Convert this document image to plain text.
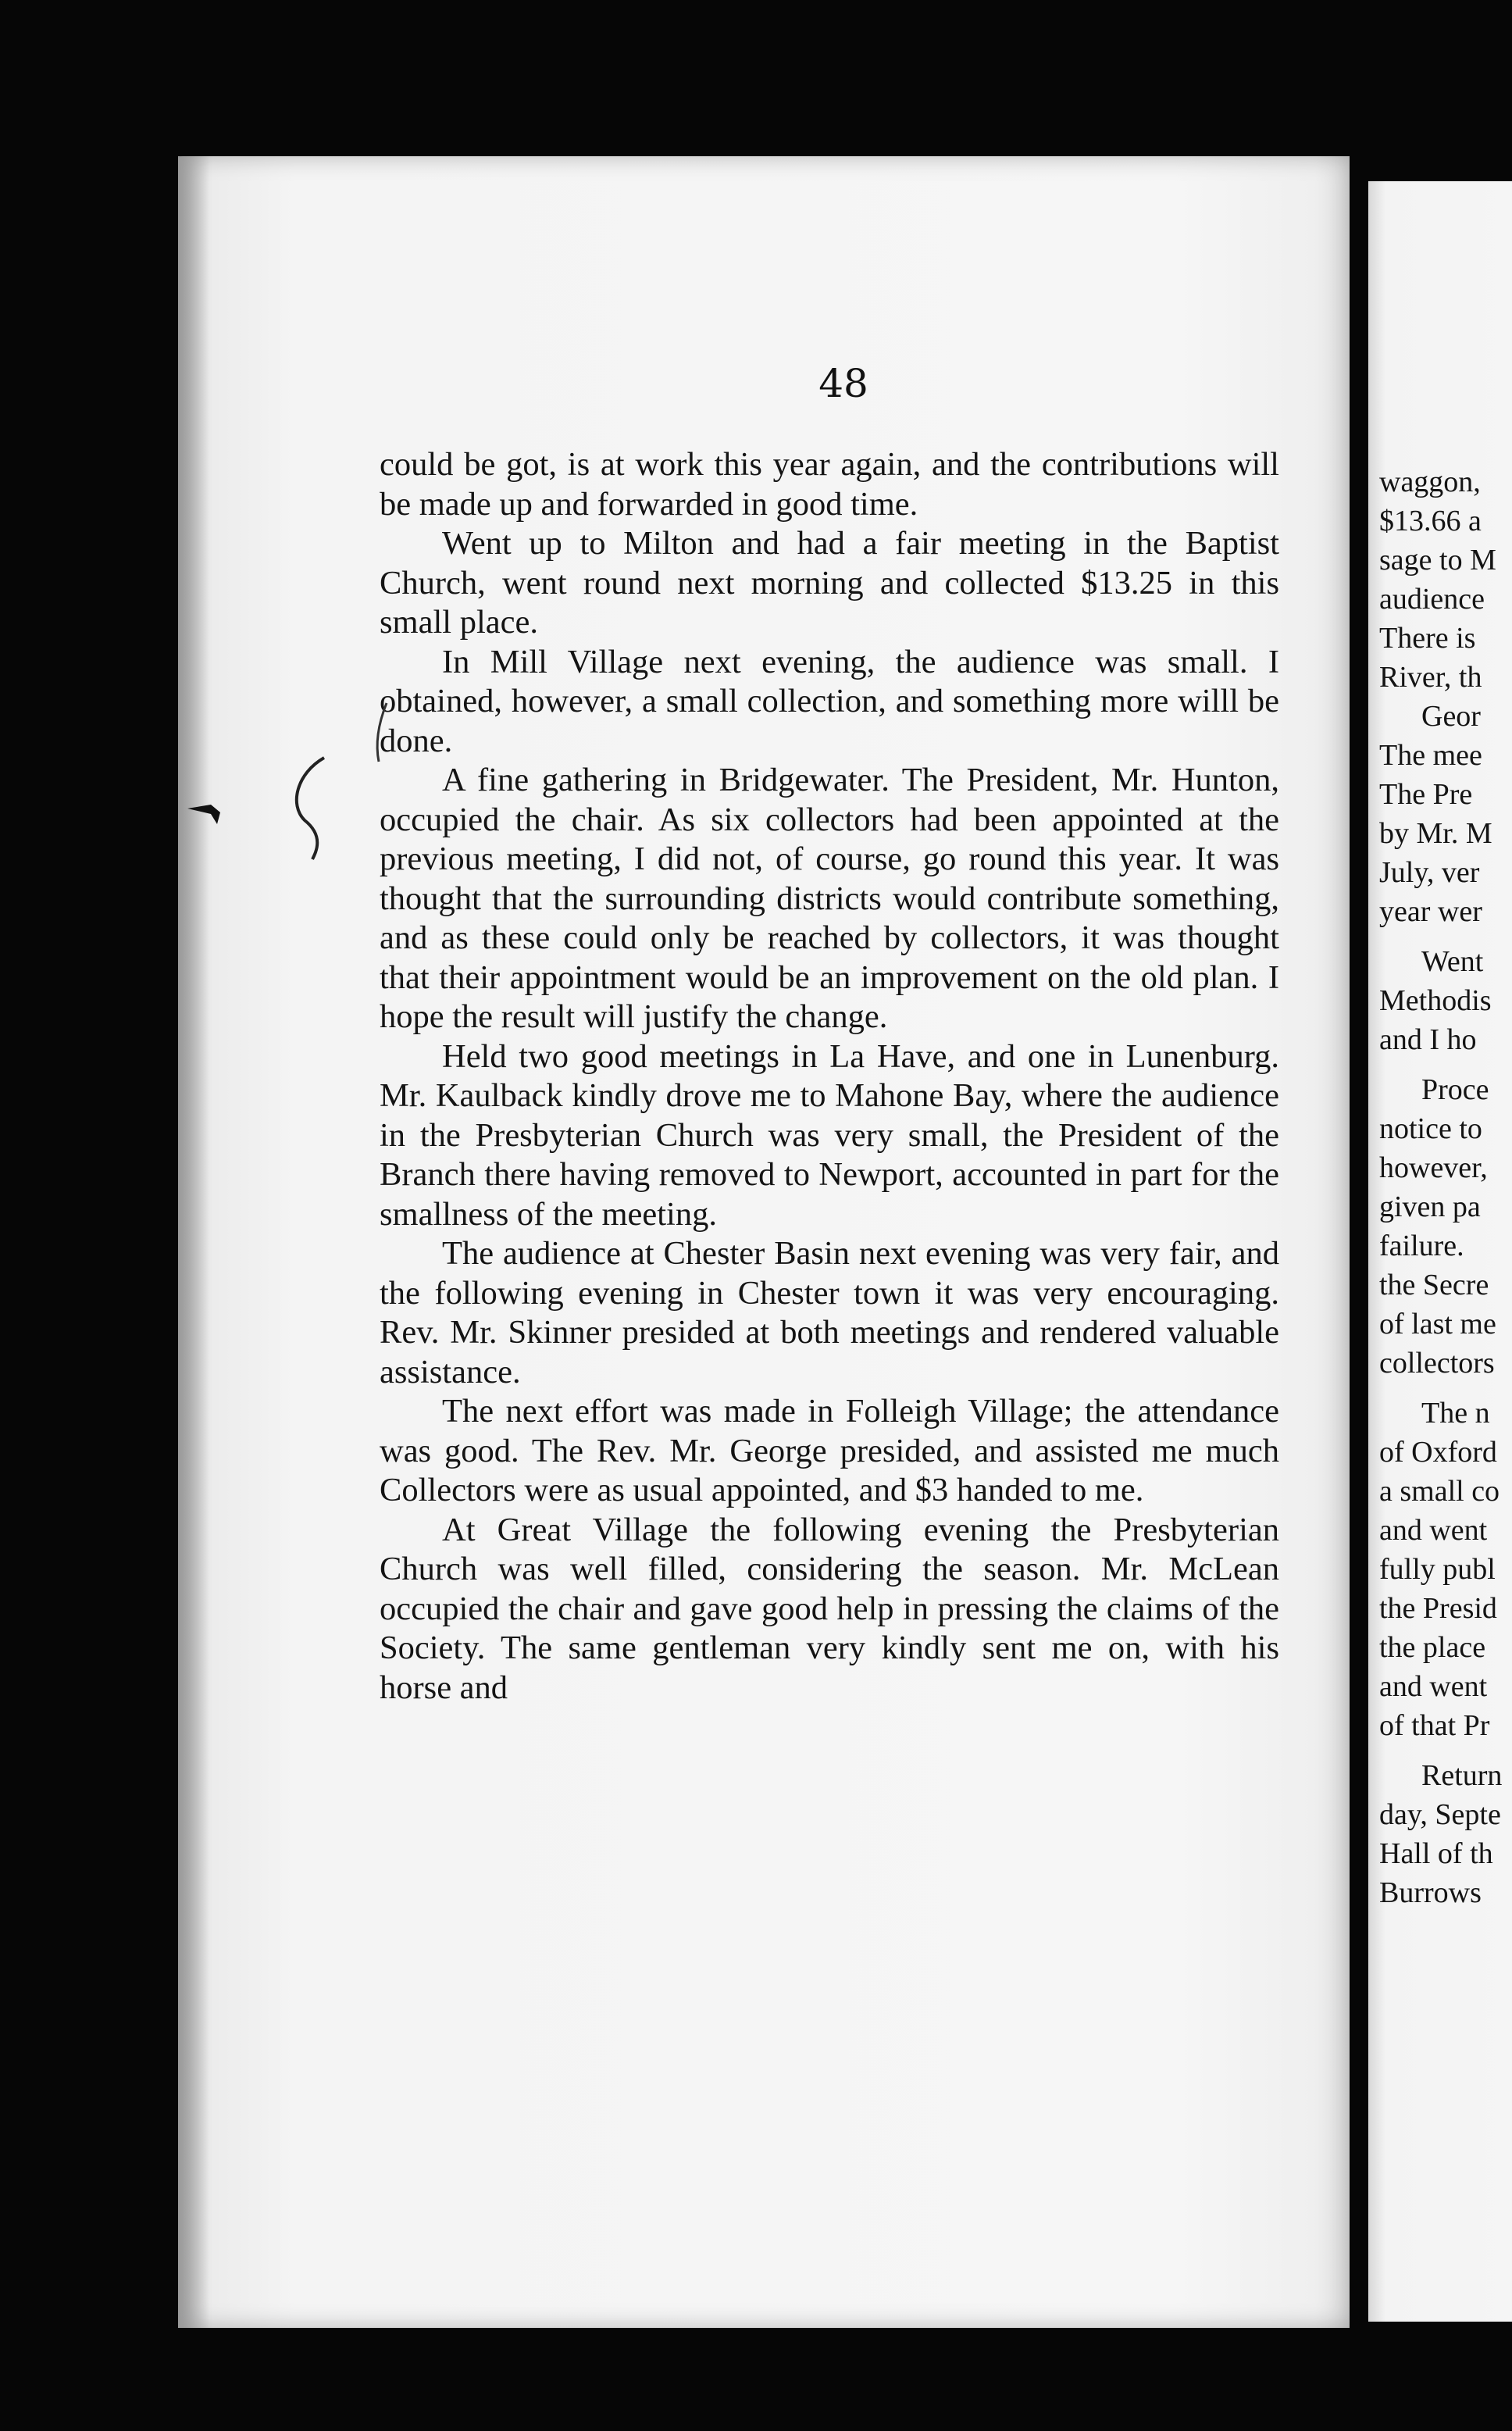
48

could be got, is at work this year again, and the contributions will be made up and forwarded in good time.

Went up to Milton and had a fair meeting in the Baptist Church, went round next morning and collected $13.25 in this small place.

In Mill Village next evening, the audience was small. I obtained, however, a small collection, and something more willl be done.

A fine gathering in Bridgewater. The President, Mr. Hunton, occupied the chair. As six collectors had been appointed at the previous meeting, I did not, of course, go round this year. It was thought that the surrounding districts would contribute something, and as these could only be reached by collectors, it was thought that their appointment would be an improvement on the old plan. I hope the result will justify the change.

Held two good meetings in La Have, and one in Lunenburg. Mr. Kaulback kindly drove me to Mahone Bay, where the audience in the Presbyterian Church was very small, the President of the Branch there having removed to Newport, accounted in part for the smallness of the meeting.

The audience at Chester Basin next evening was very fair, and the following evening in Chester town it was very encouraging. Rev. Mr. Skinner presided at both meetings and rendered valuable assistance.

The next effort was made in Folleigh Village; the attendance was good. The Rev. Mr. George presided, and assisted me much Collectors were as usual appointed, and $3 handed to me.

At Great Village the following evening the Presbyterian Church was well filled, considering the season. Mr. McLean occupied the chair and gave good help in pressing the claims of the Society. The same gentleman very kindly sent me on, with his horse and

waggon,
$13.66 a
sage to M
audience
There is
River, th
Geor
The mee
The Pre
by Mr. M
July, ver
year wer
Went
Methodis
and I ho
Proce
notice to
however,
given pa
failure.
the Secre
of last me
collectors
The n
of Oxford
a small co
and went
fully publ
the Presid
the place
and went
of that Pr
Return
day, Septe
Hall of th
Burrows
